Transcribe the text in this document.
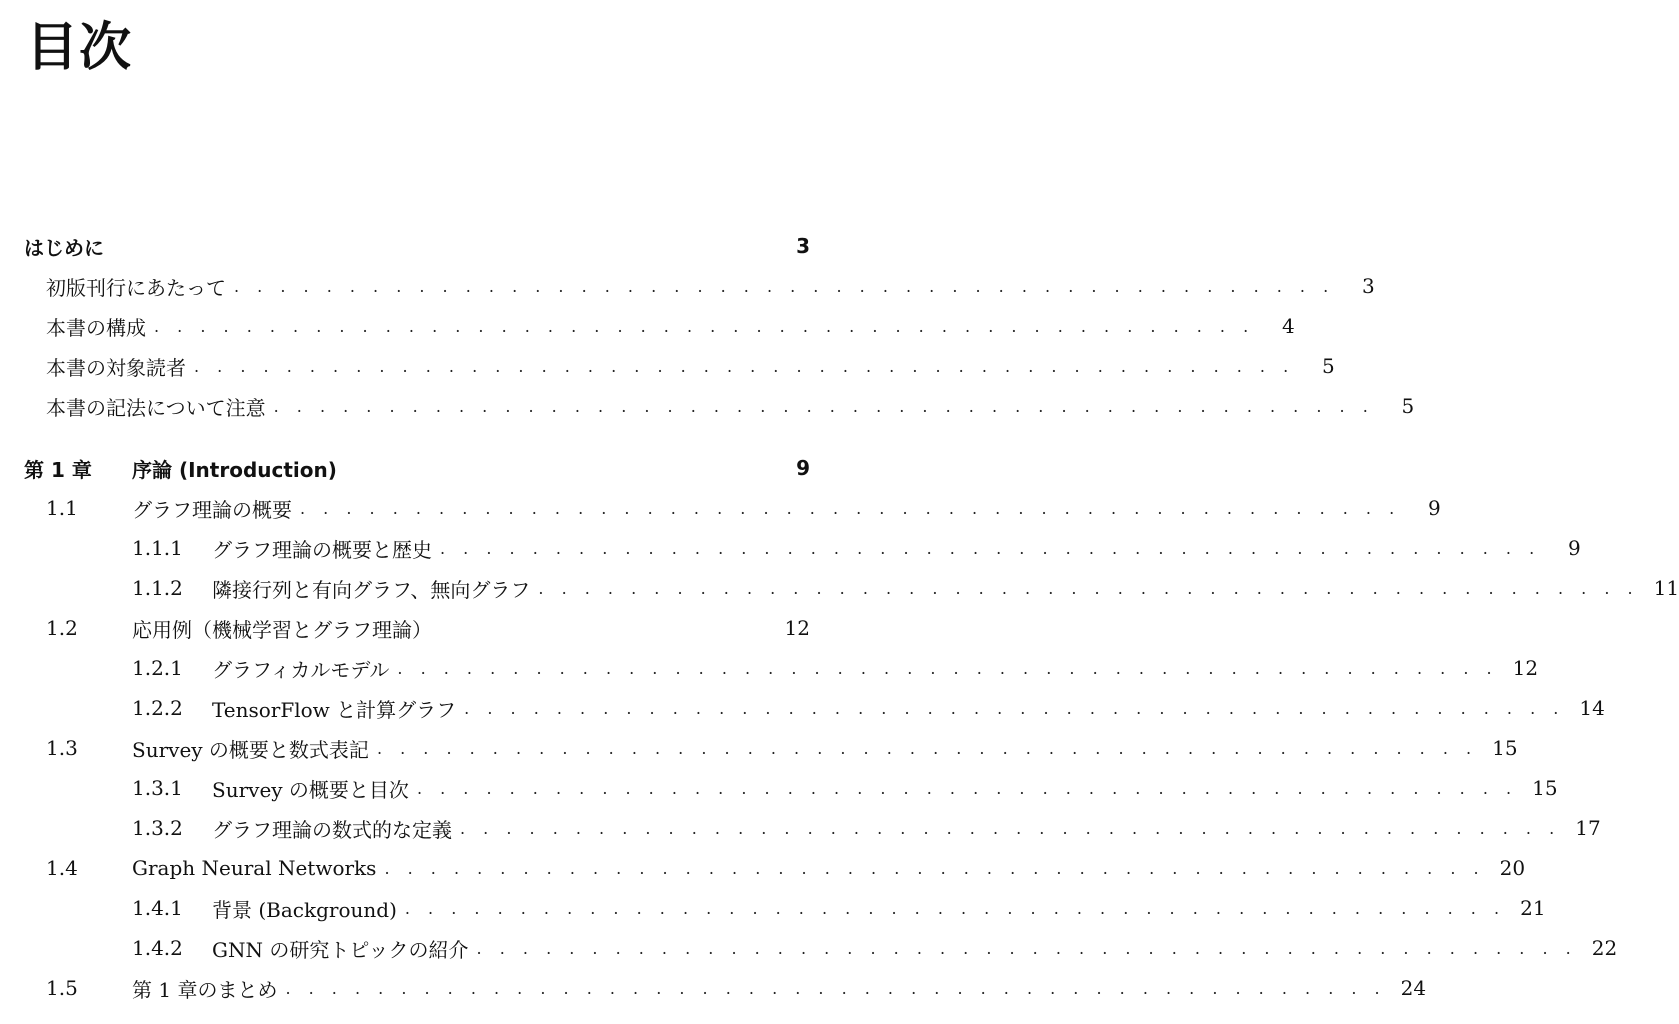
目次
はじめに	3
初版刊行にあたって . . . . . . . . . . . . . . . . . . . . . . . . . . . . . . . . . . . . . . . . . . . . . . . .	3
本書の構成 . . . . . . . . . . . . . . . . . . . . . . . . . . . . . . . . . . . . . . . . . . . . . . . .	4
本書の対象読者 . . . . . . . . . . . . . . . . . . . . . . . . . . . . . . . . . . . . . . . . . . . . . . . .	5
本書の記法について注意 . . . . . . . . . . . . . . . . . . . . . . . . . . . . . . . . . . . . . . . . . . . . . . . .	5
第 1 章	序論 (Introduction)	9
1.1	グラフ理論の概要 . . . . . . . . . . . . . . . . . . . . . . . . . . . . . . . . . . . . . . . . . . . . . . . .	9
1.1.1	グラフ理論の概要と歴史 . . . . . . . . . . . . . . . . . . . . . . . . . . . . . . . . . . . . . . . . . . . . . . . .	9
1.1.2	隣接行列と有向グラフ、無向グラフ . . . . . . . . . . . . . . . . . . . . . . . . . . . . . . . . . . . . . . . . . . . . . . . . 11
1.2	応用例（機械学習とグラフ理論）	12
1.2.1	グラフィカルモデル . . . . . . . . . . . . . . . . . . . . . . . . . . . . . . . . . . . . . . . . . . . . . . . . 12
1.2.2	TensorFlow と計算グラフ . . . . . . . . . . . . . . . . . . . . . . . . . . . . . . . . . . . . . . . . . . . . . . . . 14
1.3	Survey の概要と数式表記 . . . . . . . . . . . . . . . . . . . . . . . . . . . . . . . . . . . . . . . . . . . . . . . . 15
1.3.1	Survey の概要と目次 . . . . . . . . . . . . . . . . . . . . . . . . . . . . . . . . . . . . . . . . . . . . . . . . 15
1.3.2	グラフ理論の数式的な定義 . . . . . . . . . . . . . . . . . . . . . . . . . . . . . . . . . . . . . . . . . . . . . . . . 17
1.4	Graph Neural Networks . . . . . . . . . . . . . . . . . . . . . . . . . . . . . . . . . . . . . . . . . . . . . . . . 20
1.4.1	背景 (Background) . . . . . . . . . . . . . . . . . . . . . . . . . . . . . . . . . . . . . . . . . . . . . . . . 21
1.4.2	GNN の研究トピックの紹介 . . . . . . . . . . . . . . . . . . . . . . . . . . . . . . . . . . . . . . . . . . . . . . . . 22
1.5	第 1 章のまとめ . . . . . . . . . . . . . . . . . . . . . . . . . . . . . . . . . . . . . . . . . . . . . . . . 24
